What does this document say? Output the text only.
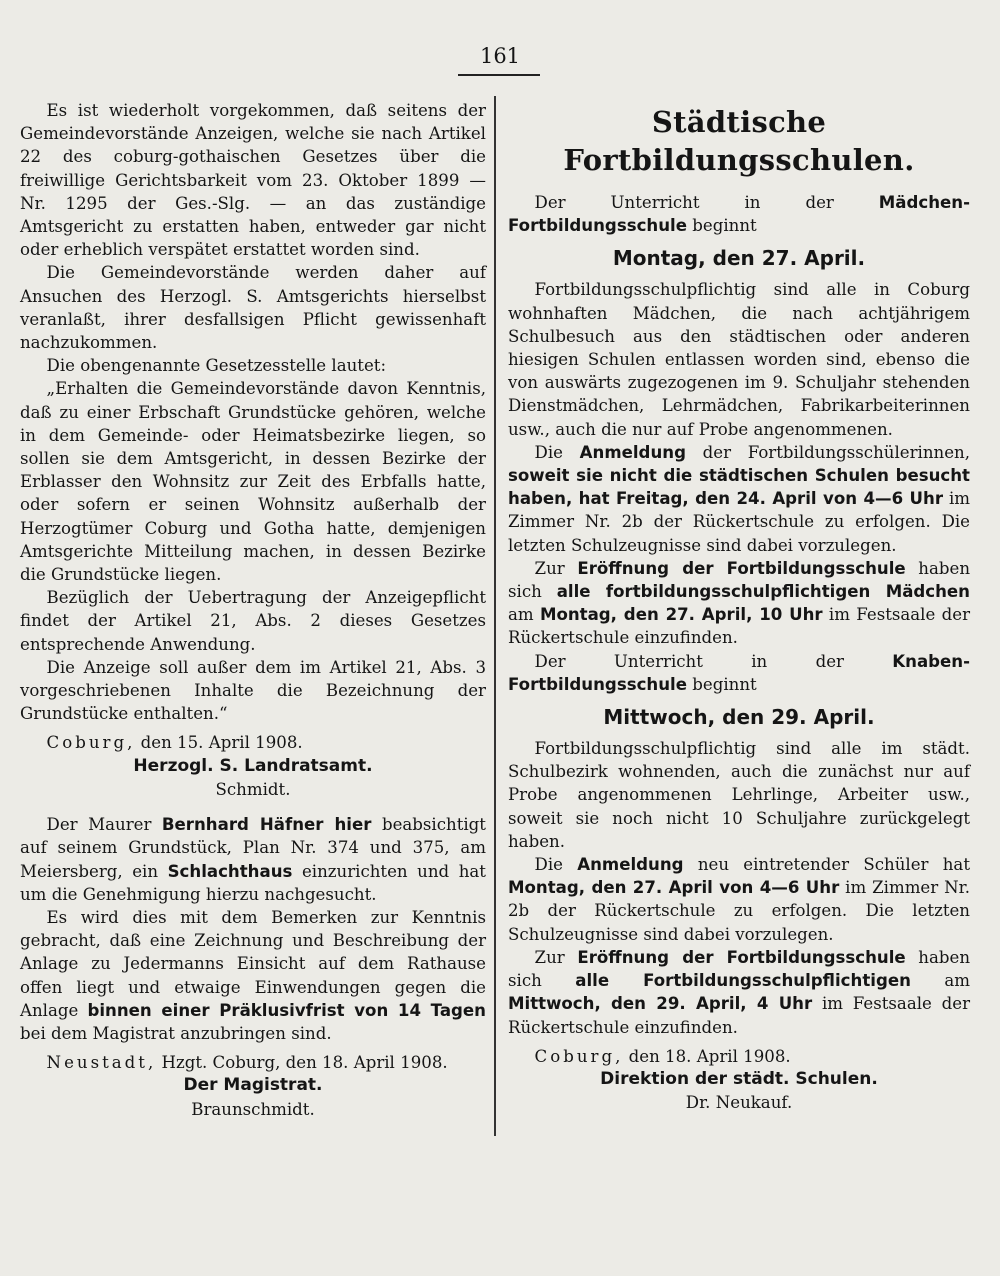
161

Es ist wiederholt vorgekommen, daß seitens der Gemeindevorstände Anzeigen, welche sie nach Artikel 22 des coburg-gothaischen Gesetzes über die freiwillige Gerichtsbarkeit vom 23. Oktober 1899 — Nr. 1295 der Ges.-Slg. — an das zuständige Amtsgericht zu erstatten haben, entweder gar nicht oder erheblich verspätet erstattet worden sind.

Die Gemeindevorstände werden daher auf Ansuchen des Herzogl. S. Amtsgerichts hierselbst veranlaßt, ihrer desfallsigen Pflicht gewissenhaft nachzukommen.

Die obengenannte Gesetzesstelle lautet:

„Erhalten die Gemeindevorstände davon Kenntnis, daß zu einer Erbschaft Grundstücke gehören, welche in dem Gemeinde- oder Heimatsbezirke liegen, so sollen sie dem Amtsgericht, in dessen Bezirke der Erblasser den Wohnsitz zur Zeit des Erbfalls hatte, oder sofern er seinen Wohnsitz außerhalb der Herzogtümer Coburg und Gotha hatte, demjenigen Amtsgerichte Mitteilung machen, in dessen Bezirke die Grundstücke liegen.

Bezüglich der Uebertragung der Anzeigepflicht findet der Artikel 21, Abs. 2 dieses Gesetzes entsprechende Anwendung.

Die Anzeige soll außer dem im Artikel 21, Abs. 3 vorgeschriebenen Inhalte die Bezeichnung der Grundstücke enthalten.“

Coburg, den 15. April 1908.

Herzogl. S. Landratsamt.
Schmidt.

Der Maurer Bernhard Häfner hier beabsichtigt auf seinem Grundstück, Plan Nr. 374 und 375, am Meiersberg, ein Schlachthaus einzurichten und hat um die Genehmigung hierzu nachgesucht.

Es wird dies mit dem Bemerken zur Kenntnis gebracht, daß eine Zeichnung und Beschreibung der Anlage zu Jedermanns Einsicht auf dem Rathause offen liegt und etwaige Einwendungen gegen die Anlage binnen einer Präklusivfrist von 14 Tagen bei dem Magistrat anzubringen sind.

Neustadt, Hzgt. Coburg, den 18. April 1908.

Der Magistrat.
Braunschmidt.
Städtische Fortbildungsschulen.

Der Unterricht in der Mädchen-Fortbildungsschule beginnt

Montag, den 27. April.

Fortbildungsschulpflichtig sind alle in Coburg wohnhaften Mädchen, die nach achtjährigem Schulbesuch aus den städtischen oder anderen hiesigen Schulen entlassen worden sind, ebenso die von auswärts zugezogenen im 9. Schuljahr stehenden Dienstmädchen, Lehrmädchen, Fabrikarbeiterinnen usw., auch die nur auf Probe angenommenen.

Die Anmeldung der Fortbildungsschülerinnen, soweit sie nicht die städtischen Schulen besucht haben, hat Freitag, den 24. April von 4—6 Uhr im Zimmer Nr. 2b der Rückertschule zu erfolgen. Die letzten Schulzeugnisse sind dabei vorzulegen.

Zur Eröffnung der Fortbildungsschule haben sich alle fortbildungsschulpflichtigen Mädchen am Montag, den 27. April, 10 Uhr im Festsaale der Rückertschule einzufinden.

Der Unterricht in der Knaben-Fortbildungsschule beginnt

Mittwoch, den 29. April.

Fortbildungsschulpflichtig sind alle im städt. Schulbezirk wohnenden, auch die zunächst nur auf Probe angenommenen Lehrlinge, Arbeiter usw., soweit sie noch nicht 10 Schuljahre zurückgelegt haben.

Die Anmeldung neu eintretender Schüler hat Montag, den 27. April von 4—6 Uhr im Zimmer Nr. 2b der Rückertschule zu erfolgen. Die letzten Schulzeugnisse sind dabei vorzulegen.

Zur Eröffnung der Fortbildungsschule haben sich alle Fortbildungsschulpflichtigen am Mittwoch, den 29. April, 4 Uhr im Festsaale der Rückertschule einzufinden.

Coburg, den 18. April 1908.

Direktion der städt. Schulen.
Dr. Neukauf.
